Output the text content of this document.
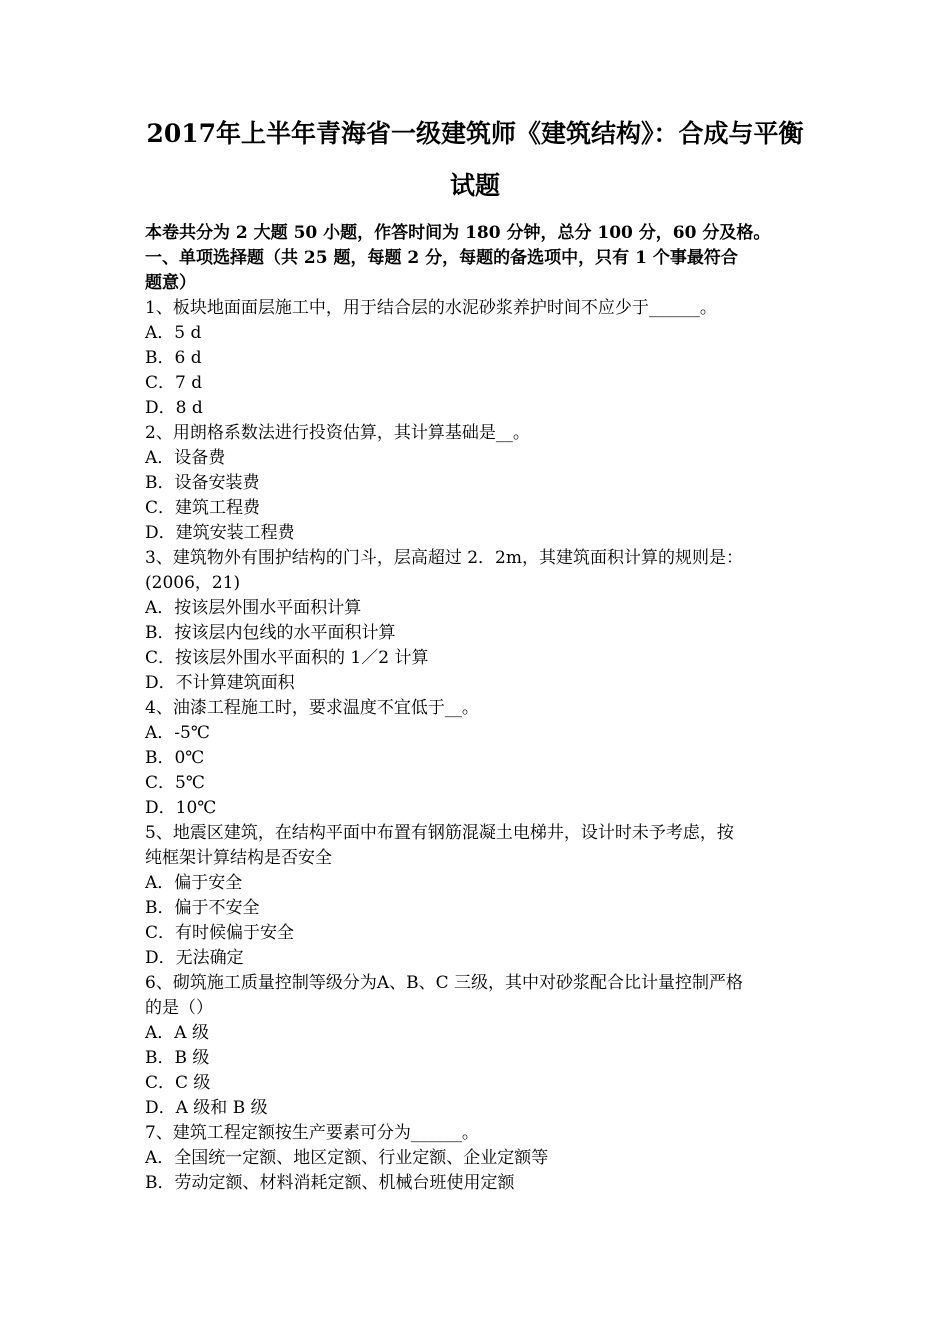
2017年上半年青海省一级建筑师《建筑结构》：合成与平衡
试题
本卷共分为 2 大题 50 小题，作答时间为 180 分钟，总分 100 分，60 分及格。
一、单项选择题（共 25 题，每题 2 分，每题的备选项中，只有 1 个事最符合
题意）
1、板块地面面层施工中，用于结合层的水泥砂浆养护时间不应少于______。
A．5 d
B．6 d
C．7 d
D．8 d
2、用朗格系数法进行投资估算，其计算基础是__。
A．设备费
B．设备安装费
C．建筑工程费
D．建筑安装工程费
3、建筑物外有围护结构的门斗，层高超过 2．2m，其建筑面积计算的规则是：
(2006，21)
A．按该层外围水平面积计算
B．按该层内包线的水平面积计算
C．按该层外围水平面积的 1／2 计算
D．不计算建筑面积
4、油漆工程施工时，要求温度不宜低于__。
A．-5℃
B．0℃
C．5℃
D．10℃
5、地震区建筑，在结构平面中布置有钢筋混凝土电梯井，设计时未予考虑，按
纯框架计算结构是否安全
A．偏于安全
B．偏于不安全
C．有时候偏于安全
D．无法确定
6、砌筑施工质量控制等级分为A、B、C 三级，其中对砂浆配合比计量控制严格
的是（）
A．A 级
B．B 级
C．C 级
D．A 级和 B 级
7、建筑工程定额按生产要素可分为______。
A．全国统一定额、地区定额、行业定额、企业定额等
B．劳动定额、材料消耗定额、机械台班使用定额
